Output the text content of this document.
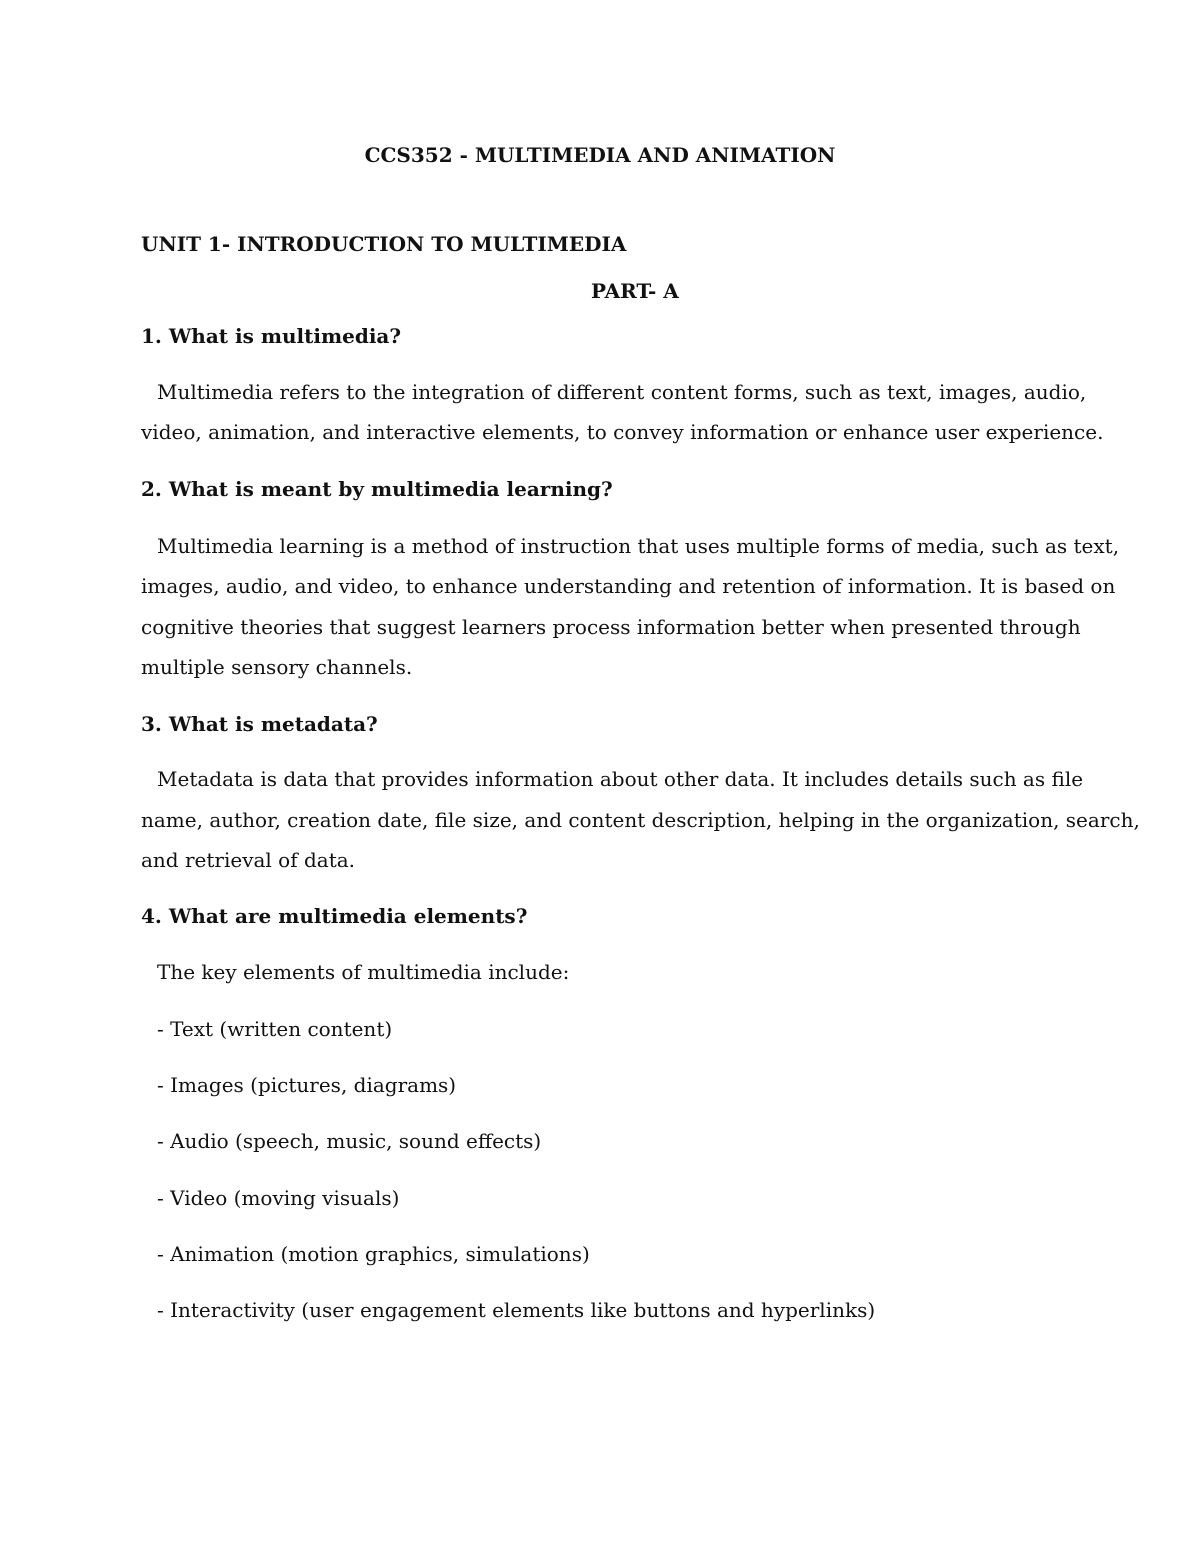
CCS352 - MULTIMEDIA AND ANIMATION
UNIT 1- INTRODUCTION TO MULTIMEDIA
PART- A
1. What is multimedia?
Multimedia refers to the integration of different content forms, such as text, images, audio,
video, animation, and interactive elements, to convey information or enhance user experience.
2. What is meant by multimedia learning?
Multimedia learning is a method of instruction that uses multiple forms of media, such as text,
images, audio, and video, to enhance understanding and retention of information. It is based on
cognitive theories that suggest learners process information better when presented through
multiple sensory channels.
3. What is metadata?
Metadata is data that provides information about other data. It includes details such as file
name, author, creation date, file size, and content description, helping in the organization, search,
and retrieval of data.
4. What are multimedia elements?
The key elements of multimedia include:
- Text (written content)
- Images (pictures, diagrams)
- Audio (speech, music, sound effects)
- Video (moving visuals)
- Animation (motion graphics, simulations)
- Interactivity (user engagement elements like buttons and hyperlinks)
